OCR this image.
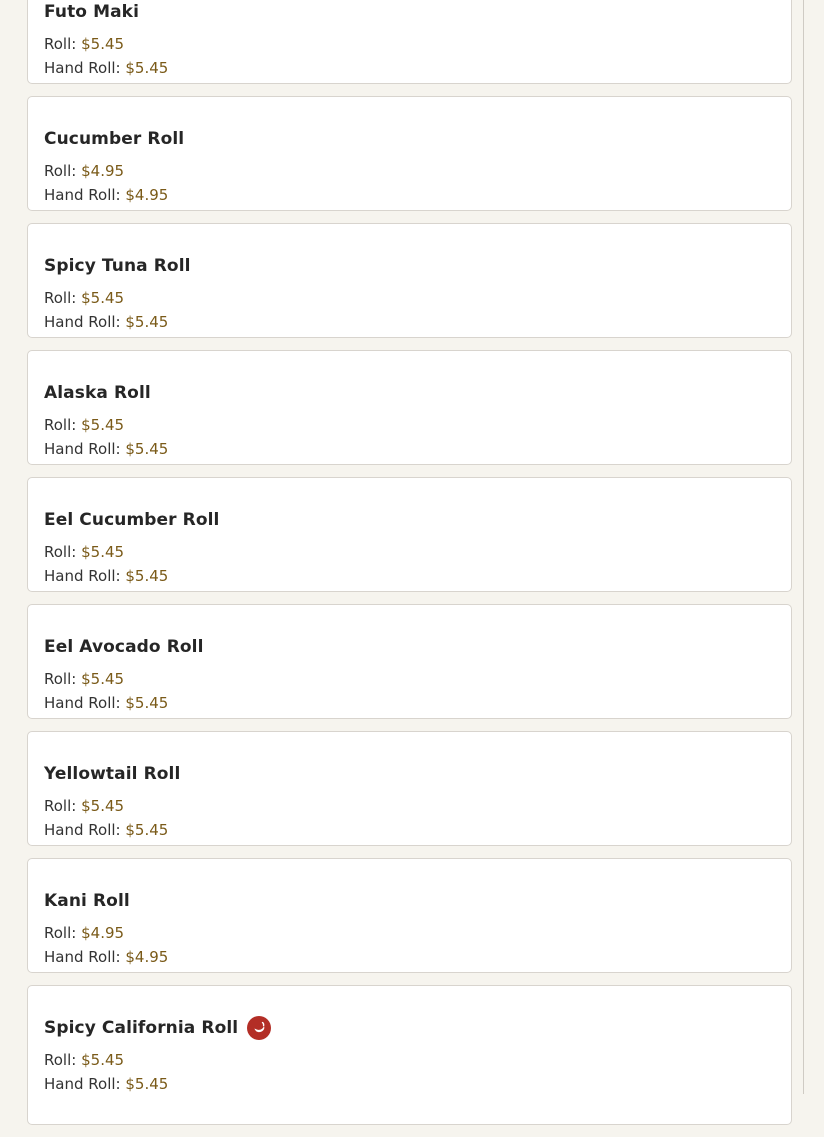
Futo Maki
Roll: $5.45
Hand Roll: $5.45
Cucumber Roll
Roll: $4.95
Hand Roll: $4.95
Spicy Tuna Roll
Roll: $5.45
Hand Roll: $5.45
Alaska Roll
Roll: $5.45
Hand Roll: $5.45
Eel Cucumber Roll
Roll: $5.45
Hand Roll: $5.45
Eel Avocado Roll
Roll: $5.45
Hand Roll: $5.45
Yellowtail Roll
Roll: $5.45
Hand Roll: $5.45
Kani Roll
Roll: $4.95
Hand Roll: $4.95
Spicy California Roll
Roll: $5.45
Hand Roll: $5.45
